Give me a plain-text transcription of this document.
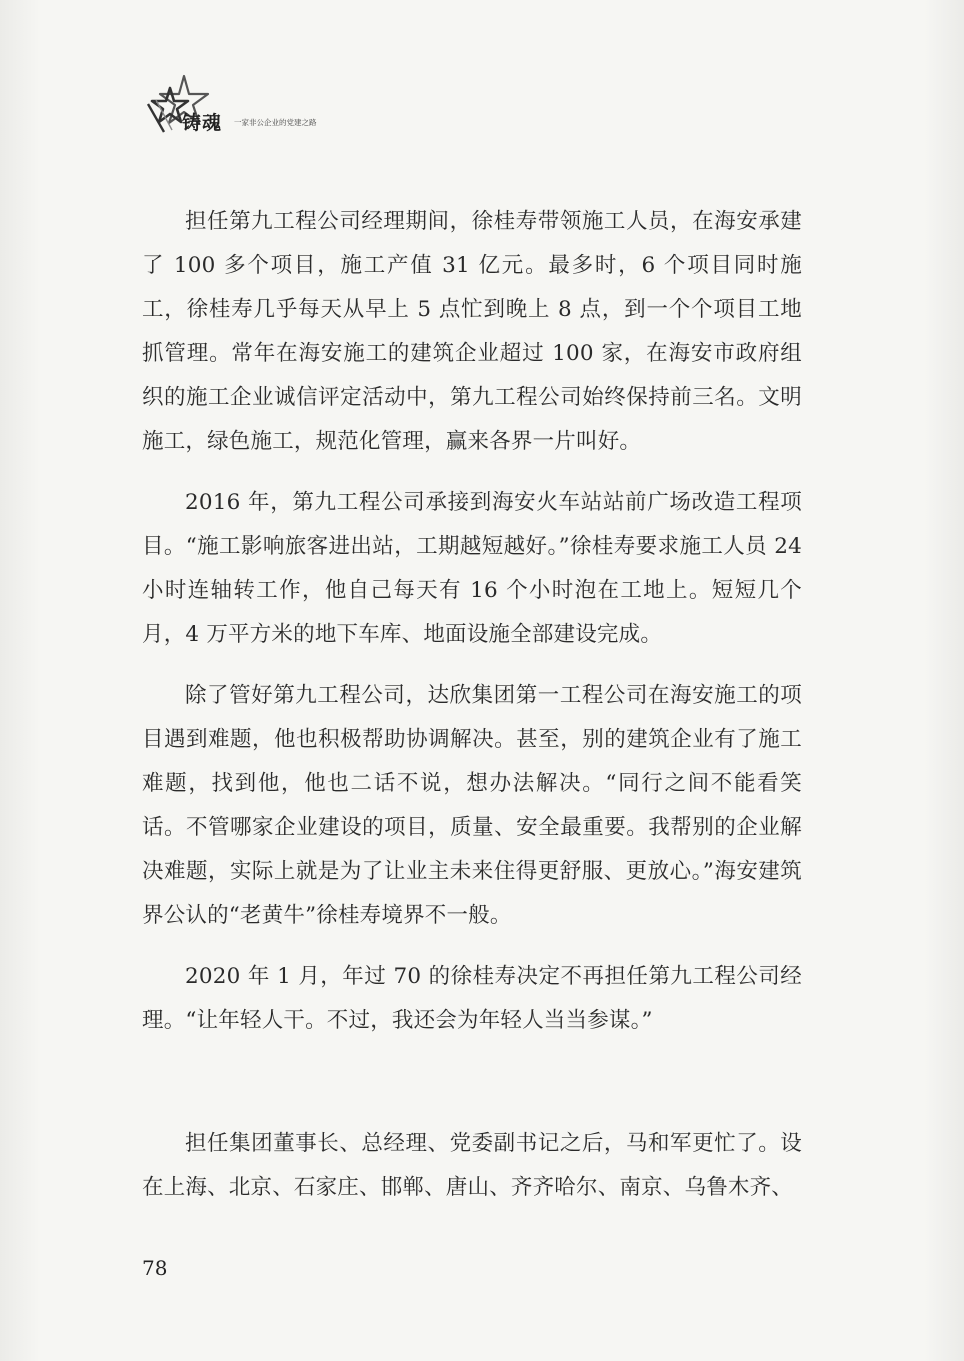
铸魂 一家非公企业的党建之路

担任第九工程公司经理期间，徐桂寿带领施工人员，在海安承建了 100 多个项目，施工产值 31 亿元。最多时，6 个项目同时施工，徐桂寿几乎每天从早上 5 点忙到晚上 8 点，到一个个项目工地抓管理。常年在海安施工的建筑企业超过 100 家，在海安市政府组织的施工企业诚信评定活动中，第九工程公司始终保持前三名。文明施工，绿色施工，规范化管理，赢来各界一片叫好。

2016 年，第九工程公司承接到海安火车站站前广场改造工程项目。“施工影响旅客进出站，工期越短越好。”徐桂寿要求施工人员 24 小时连轴转工作，他自己每天有 16 个小时泡在工地上。短短几个月，4 万平方米的地下车库、地面设施全部建设完成。

除了管好第九工程公司，达欣集团第一工程公司在海安施工的项目遇到难题，他也积极帮助协调解决。甚至，别的建筑企业有了施工难题，找到他，他也二话不说，想办法解决。“同行之间不能看笑话。不管哪家企业建设的项目，质量、安全最重要。我帮别的企业解决难题，实际上就是为了让业主未来住得更舒服、更放心。”海安建筑界公认的“老黄牛”徐桂寿境界不一般。

2020 年 1 月，年过 70 的徐桂寿决定不再担任第九工程公司经理。“让年轻人干。不过，我还会为年轻人当当参谋。”

担任集团董事长、总经理、党委副书记之后，马和军更忙了。设在上海、北京、石家庄、邯郸、唐山、齐齐哈尔、南京、乌鲁木齐、

78
